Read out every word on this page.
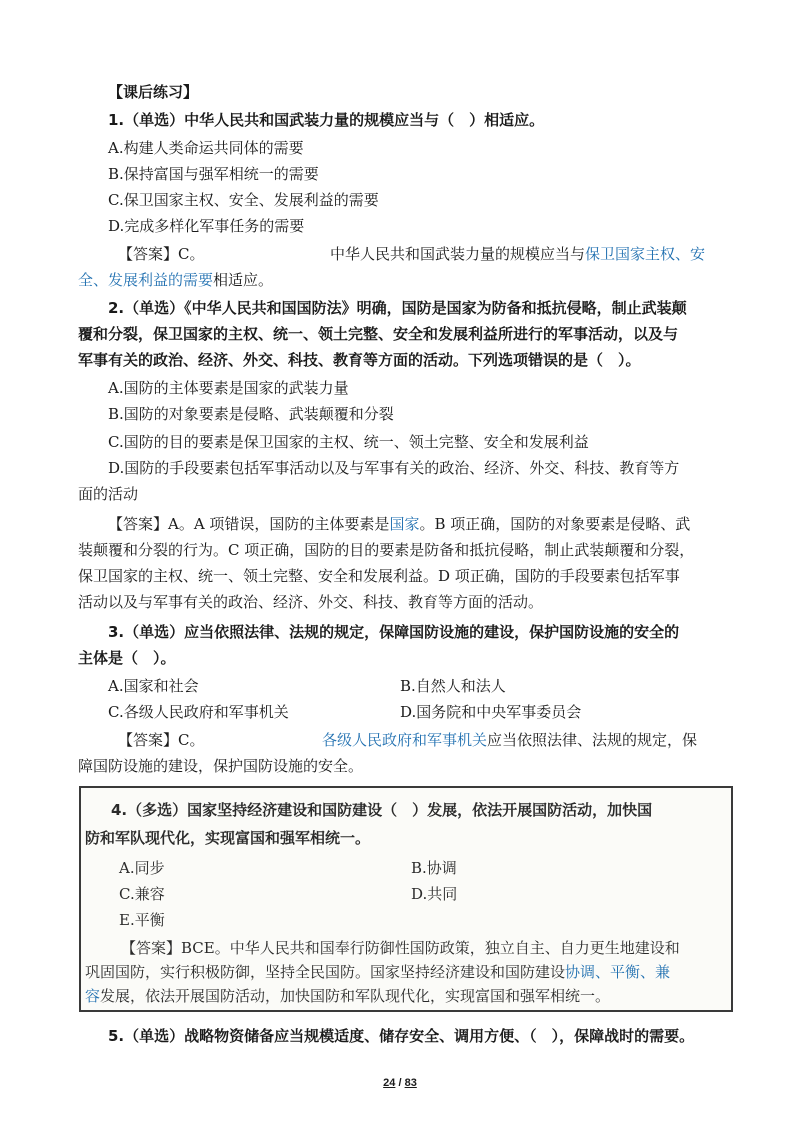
【课后练习】
1.（单选）中华人民共和国武装力量的规模应当与（　）相适应。
A.构建人类命运共同体的需要
B.保持富国与强军相统一的需要
C.保卫国家主权、安全、发展利益的需要
D.完成多样化军事任务的需要
【答案】C。	中华人民共和国武装力量的规模应当与保卫国家主权、安
全、发展利益的需要相适应。
2.（单选）《中华人民共和国国防法》明确，国防是国家为防备和抵抗侵略，制止武装颠
覆和分裂，保卫国家的主权、统一、领土完整、安全和发展利益所进行的军事活动，以及与
军事有关的政治、经济、外交、科技、教育等方面的活动。下列选项错误的是（　）。
A.国防的主体要素是国家的武装力量
B.国防的对象要素是侵略、武装颠覆和分裂
C.国防的目的要素是保卫国家的主权、统一、领土完整、安全和发展利益
D.国防的手段要素包括军事活动以及与军事有关的政治、经济、外交、科技、教育等方
面的活动
【答案】A。A 项错误，国防的主体要素是国家。B 项正确，国防的对象要素是侵略、武
装颠覆和分裂的行为。C 项正确，国防的目的要素是防备和抵抗侵略，制止武装颠覆和分裂，
保卫国家的主权、统一、领土完整、安全和发展利益。D 项正确，国防的手段要素包括军事
活动以及与军事有关的政治、经济、外交、科技、教育等方面的活动。
3.（单选）应当依照法律、法规的规定，保障国防设施的建设，保护国防设施的安全的
主体是（　）。
A.国家和社会	B.自然人和法人
C.各级人民政府和军事机关	D.国务院和中央军事委员会
【答案】C。	各级人民政府和军事机关应当依照法律、法规的规定，保
障国防设施的建设，保护国防设施的安全。
4.（多选）国家坚持经济建设和国防建设（　）发展，依法开展国防活动，加快国
防和军队现代化，实现富国和强军相统一。
A.同步	B.协调
C.兼容	D.共同
E.平衡
【答案】BCE。中华人民共和国奉行防御性国防政策，独立自主、自力更生地建设和
巩固国防，实行积极防御，坚持全民国防。国家坚持经济建设和国防建设协调、平衡、兼
容发展，依法开展国防活动，加快国防和军队现代化，实现富国和强军相统一。
5.（单选）战略物资储备应当规模适度、储存安全、调用方便、（　），保障战时的需要。
24 / 83
